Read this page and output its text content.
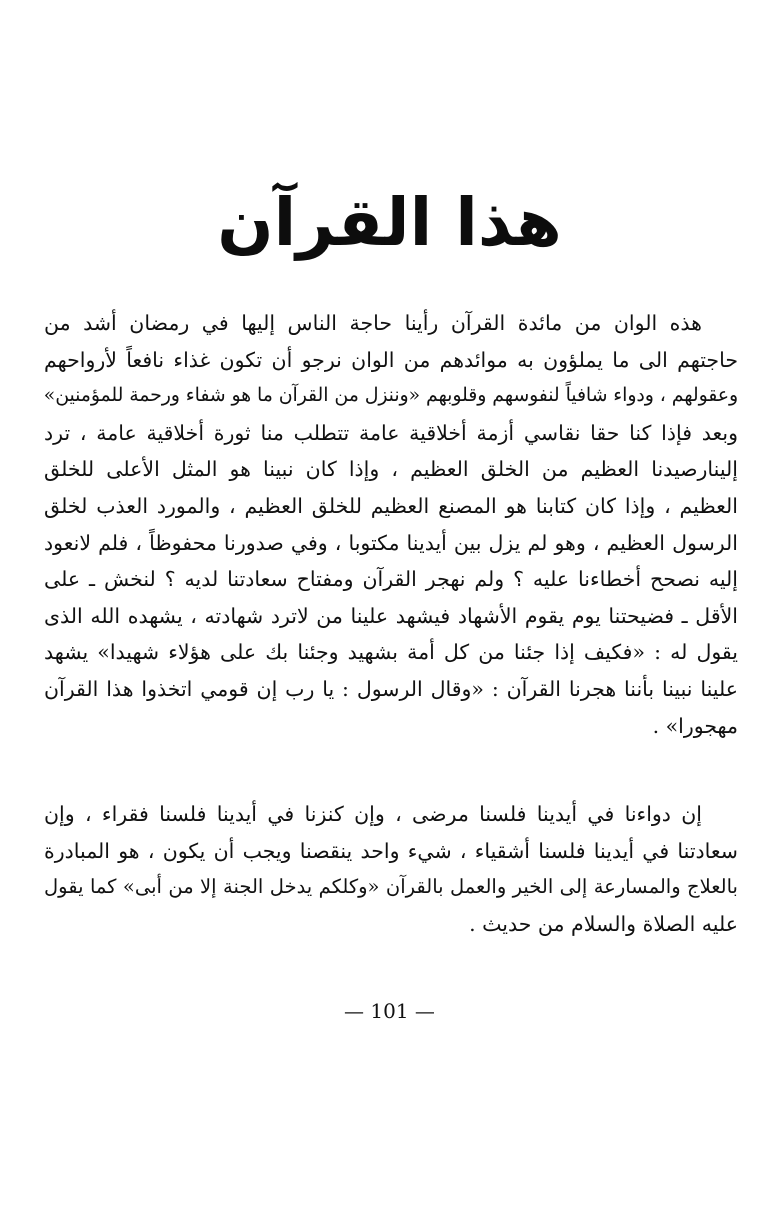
هذا القرآن
هذه الوان من مائدة القرآن رأينا حاجة الناس إليها في رمضان أشد من
حاجتهم الى ما يملؤون به موائدهم من الوان نرجو أن تكون غذاء نافعاً لأرواحهم
وعقولهم ، ودواء شافياً لنفوسهم وقلوبهم «وننزل من القرآن ما هو شفاء ورحمة للمؤمنين»
وبعد فإذا كنا حقا نقاسي أزمة أخلاقية عامة تتطلب منا ثورة أخلاقية عامة ، ترد
إلينارصيدنا العظيم من الخلق العظيم ، وإذا كان نبينا هو المثل الأعلى للخلق
العظيم ، وإذا كان كتابنا هو المصنع العظيم للخلق العظيم ، والمورد العذب لخلق
الرسول العظيم ، وهو لم يزل بين أيدينا مكتوبا ، وفي صدورنا محفوظاً ، فلم لانعود
إليه نصحح أخطاءنا عليه ؟ ولم نهجر القرآن ومفتاح سعادتنا لديه ؟ لنخش ـ على
الأقل ـ فضيحتنا يوم يقوم الأشهاد فيشهد علينا من لاترد شهادته ، يشهده الله الذى
يقول له : «فكيف إذا جئنا من كل أمة بشهيد وجئنا بك على هؤلاء شهيدا» يشهد
علينا نبينا بأننا هجرنا القرآن : «وقال الرسول : يا رب إن قومي اتخذوا هذا القرآن
مهجورا» .
إن دواءنا في أيدينا فلسنا مرضى ، وإن كنزنا في أيدينا فلسنا فقراء ، وإن
سعادتنا في أيدينا فلسنا أشقياء ، شيء واحد ينقصنا ويجب أن يكون ، هو المبادرة
بالعلاج والمسارعة إلى الخير والعمل بالقرآن «وكلكم يدخل الجنة إلا من أبى» كما يقول
عليه الصلاة والسلام من حديث .
— 101 —
